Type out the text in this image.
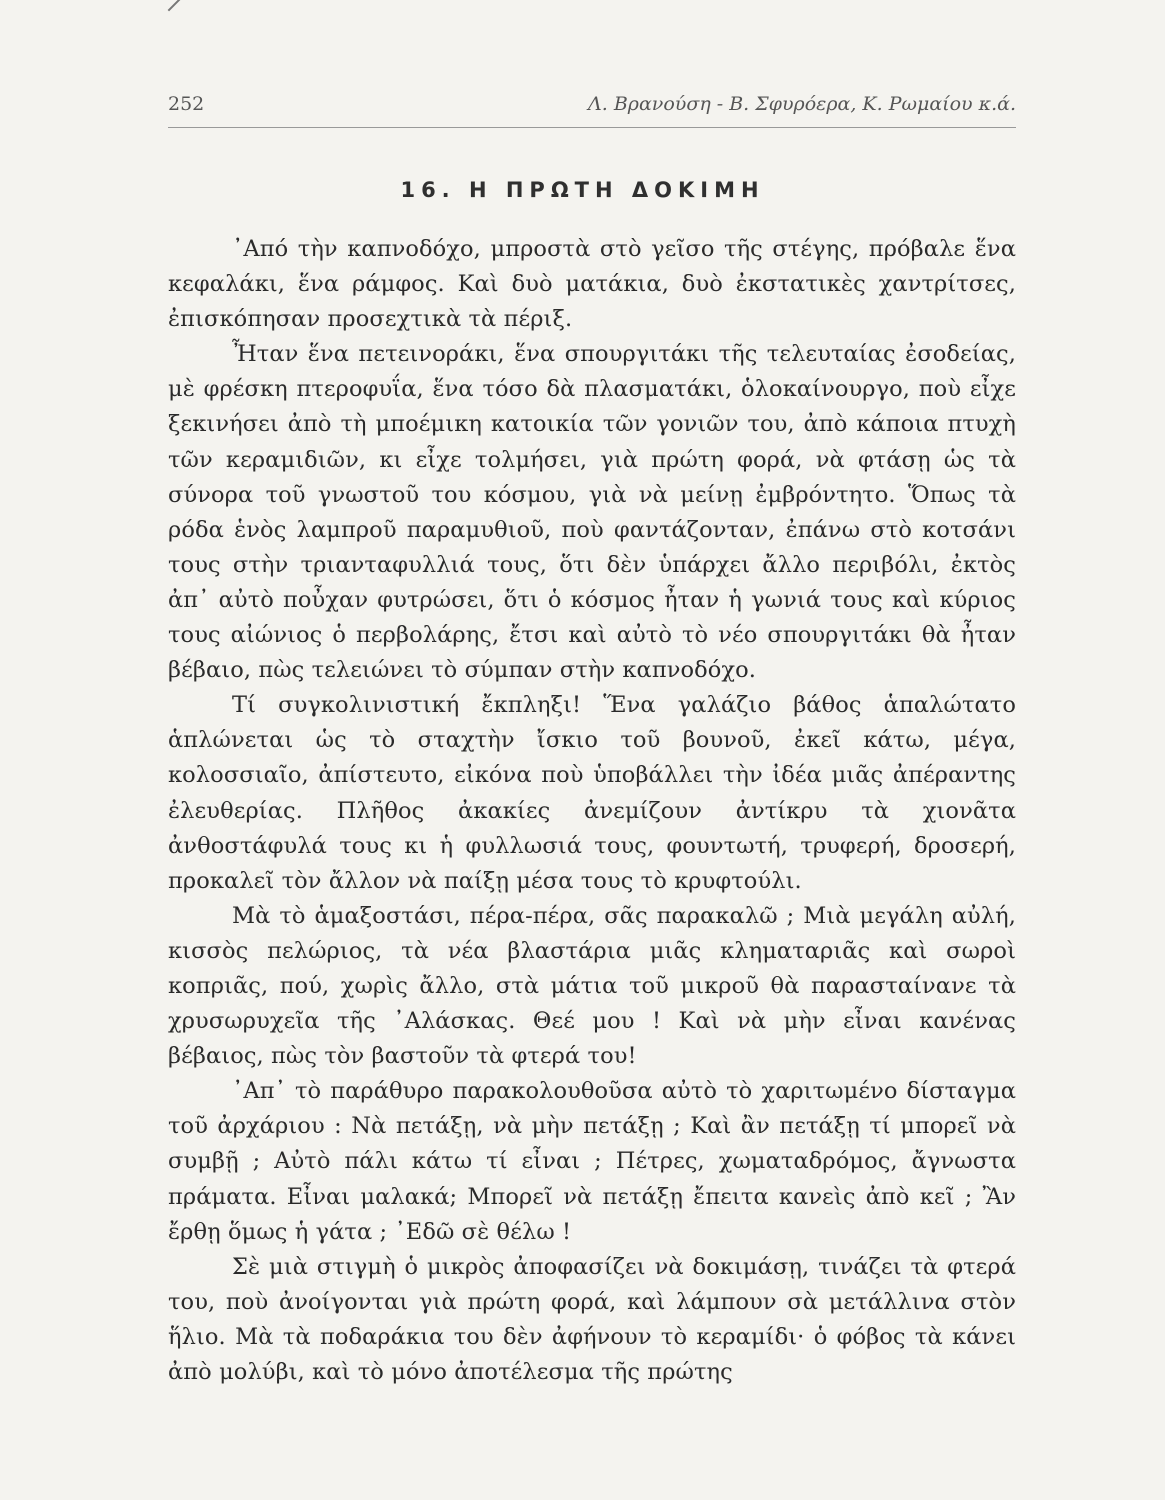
252	Λ. Βρανούση - Β. Σφυρόερα, Κ. Ρωμαίου κ.ά.
16. Η ΠΡΩΤΗ ΔΟΚΙΜΗ

᾿Από τὴν καπνοδόχο, μπροστὰ στὸ γεῖσο τῆς στέγης, πρόβαλε ἕνα κεφαλάκι, ἕνα ράμφος. Καὶ δυὸ ματάκια, δυὸ ἐκστατικὲς χαντρίτσες, ἐπισκόπησαν προσεχτικὰ τὰ πέριξ.

Ἦταν ἕνα πετεινοράκι, ἕνα σπουργιτάκι τῆς τελευταίας ἐσοδείας, μὲ φρέσκη πτεροφυΐα, ἕνα τόσο δὰ πλασματάκι, ὁλοκαίνουργο, ποὺ εἶχε ξεκινήσει ἀπὸ τὴ μποέμικη κατοικία τῶν γονιῶν του, ἀπὸ κάποια πτυχὴ τῶν κεραμιδιῶν, κι εἶχε τολμήσει, γιὰ πρώτη φορά, νὰ φτάσῃ ὡς τὰ σύνορα τοῦ γνωστοῦ του κόσμου, γιὰ νὰ μείνῃ ἐμβρόντητο. Ὅπως τὰ ρόδα ἑνὸς λαμπροῦ παραμυθιοῦ, ποὺ φαντάζονταν, ἐπάνω στὸ κοτσάνι τους στὴν τριανταφυλλιά τους, ὅτι δὲν ὑπάρχει ἄλλο περιβόλι, ἐκτὸς ἀπ᾿ αὐτὸ ποὖχαν φυτρώσει, ὅτι ὁ κόσμος ἦταν ἡ γωνιά τους καὶ κύριος τους αἰώνιος ὁ περβολάρης, ἔτσι καὶ αὐτὸ τὸ νέο σπουργιτάκι θὰ ἦταν βέβαιο, πὼς τελειώνει τὸ σύμπαν στὴν καπνοδόχο.

Τί συγκολινιστική ἔκπληξι! Ἕνα γαλάζιο βάθος ἁπαλώτατο ἁπλώνεται ὡς τὸ σταχτὴν ἴσκιο τοῦ βουνοῦ, ἐκεῖ κάτω, μέγα, κολοσσιαῖο, ἀπίστευτο, εἰκόνα ποὺ ὑποβάλλει τὴν ἰδέα μιᾶς ἀπέραντης ἐλευθερίας. Πλῆθος ἀκακίες ἀνεμίζουν ἀντίκρυ τὰ χιονᾶτα ἀνθοστάφυλά τους κι ἡ φυλλωσιά τους, φουντωτή, τρυφερή, δροσερή, προκαλεῖ τὸν ἄλλον νὰ παίξῃ μέσα τους τὸ κρυφτούλι.

Μὰ τὸ ἁμαξοστάσι, πέρα-πέρα, σᾶς παρακαλῶ ; Μιὰ μεγάλη αὐλή, κισσὸς πελώριος, τὰ νέα βλαστάρια μιᾶς κληματαριᾶς καὶ σωροὶ κοπριᾶς, πού, χωρὶς ἄλλο, στὰ μάτια τοῦ μικροῦ θὰ παρασταίνανε τὰ χρυσωρυχεῖα τῆς ᾿Αλάσκας. Θεέ μου ! Καὶ νὰ μὴν εἶναι κανένας βέβαιος, πὼς τὸν βαστοῦν τὰ φτερά του!

᾿Απ᾿ τὸ παράθυρο παρακολουθοῦσα αὐτὸ τὸ χαριτωμένο δίσταγμα τοῦ ἀρχάριου : Νὰ πετάξῃ, νὰ μὴν πετάξῃ ; Καὶ ἂν πετάξῃ τί μπορεῖ νὰ συμβῇ ; Αὐτὸ πάλι κάτω τί εἶναι ; Πέτρες, χωματαδρόμος, ἄγνωστα πράματα. Εἶναι μαλακά; Μπορεῖ νὰ πετάξῃ ἔπειτα κανεὶς ἀπὸ κεῖ ; Ἂν ἔρθῃ ὅμως ἡ γάτα ; ᾿Εδῶ σὲ θέλω !

Σὲ μιὰ στιγμὴ ὁ μικρὸς ἀποφασίζει νὰ δοκιμάσῃ, τινάζει τὰ φτερά του, ποὺ ἀνοίγονται γιὰ πρώτη φορά, καὶ λάμπουν σὰ μετάλλινα στὸν ἥλιο. Μὰ τὰ ποδαράκια του δὲν ἀφήνουν τὸ κεραμίδι· ὁ φόβος τὰ κάνει ἀπὸ μολύβι, καὶ τὸ μόνο ἀποτέλεσμα τῆς πρώτης
